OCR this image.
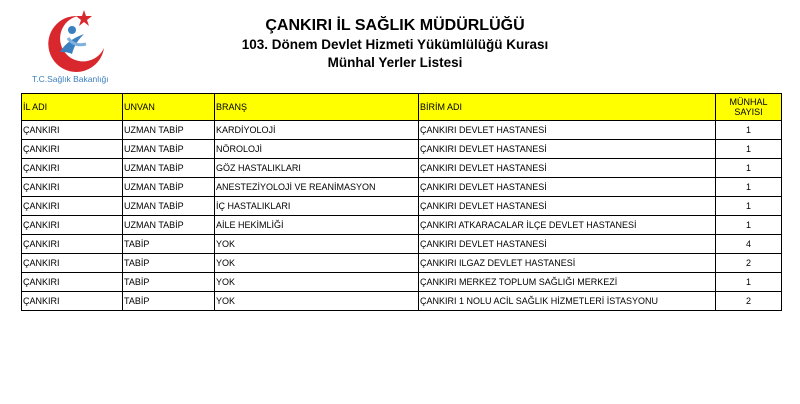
T.C.Sağlık Bakanlığı
ÇANKIRI İL SAĞLIK MÜDÜRLÜĞÜ
103. Dönem Devlet Hizmeti Yükümlülüğü Kurası
Münhal Yerler Listesi
İL ADI	UNVAN	BRANŞ	BİRİM ADI	MÜNHAL SAYISI
ÇANKIRI	UZMAN TABİP	KARDİYOLOJİ	ÇANKIRI DEVLET HASTANESİ	1
ÇANKIRI	UZMAN TABİP	NÖROLOJİ	ÇANKIRI DEVLET HASTANESİ	1
ÇANKIRI	UZMAN TABİP	GÖZ HASTALIKLARI	ÇANKIRI DEVLET HASTANESİ	1
ÇANKIRI	UZMAN TABİP	ANESTEZİYOLOJİ VE REANİMASYON	ÇANKIRI DEVLET HASTANESİ	1
ÇANKIRI	UZMAN TABİP	İÇ HASTALIKLARI	ÇANKIRI DEVLET HASTANESİ	1
ÇANKIRI	UZMAN TABİP	AİLE HEKİMLİĞİ	ÇANKIRI ATKARACALAR İLÇE DEVLET HASTANESİ	1
ÇANKIRI	TABİP	YOK	ÇANKIRI DEVLET HASTANESİ	4
ÇANKIRI	TABİP	YOK	ÇANKIRI ILGAZ DEVLET HASTANESİ	2
ÇANKIRI	TABİP	YOK	ÇANKIRI MERKEZ TOPLUM SAĞLIĞI MERKEZİ	1
ÇANKIRI	TABİP	YOK	ÇANKIRI 1 NOLU ACİL SAĞLIK HİZMETLERİ İSTASYONU	2
